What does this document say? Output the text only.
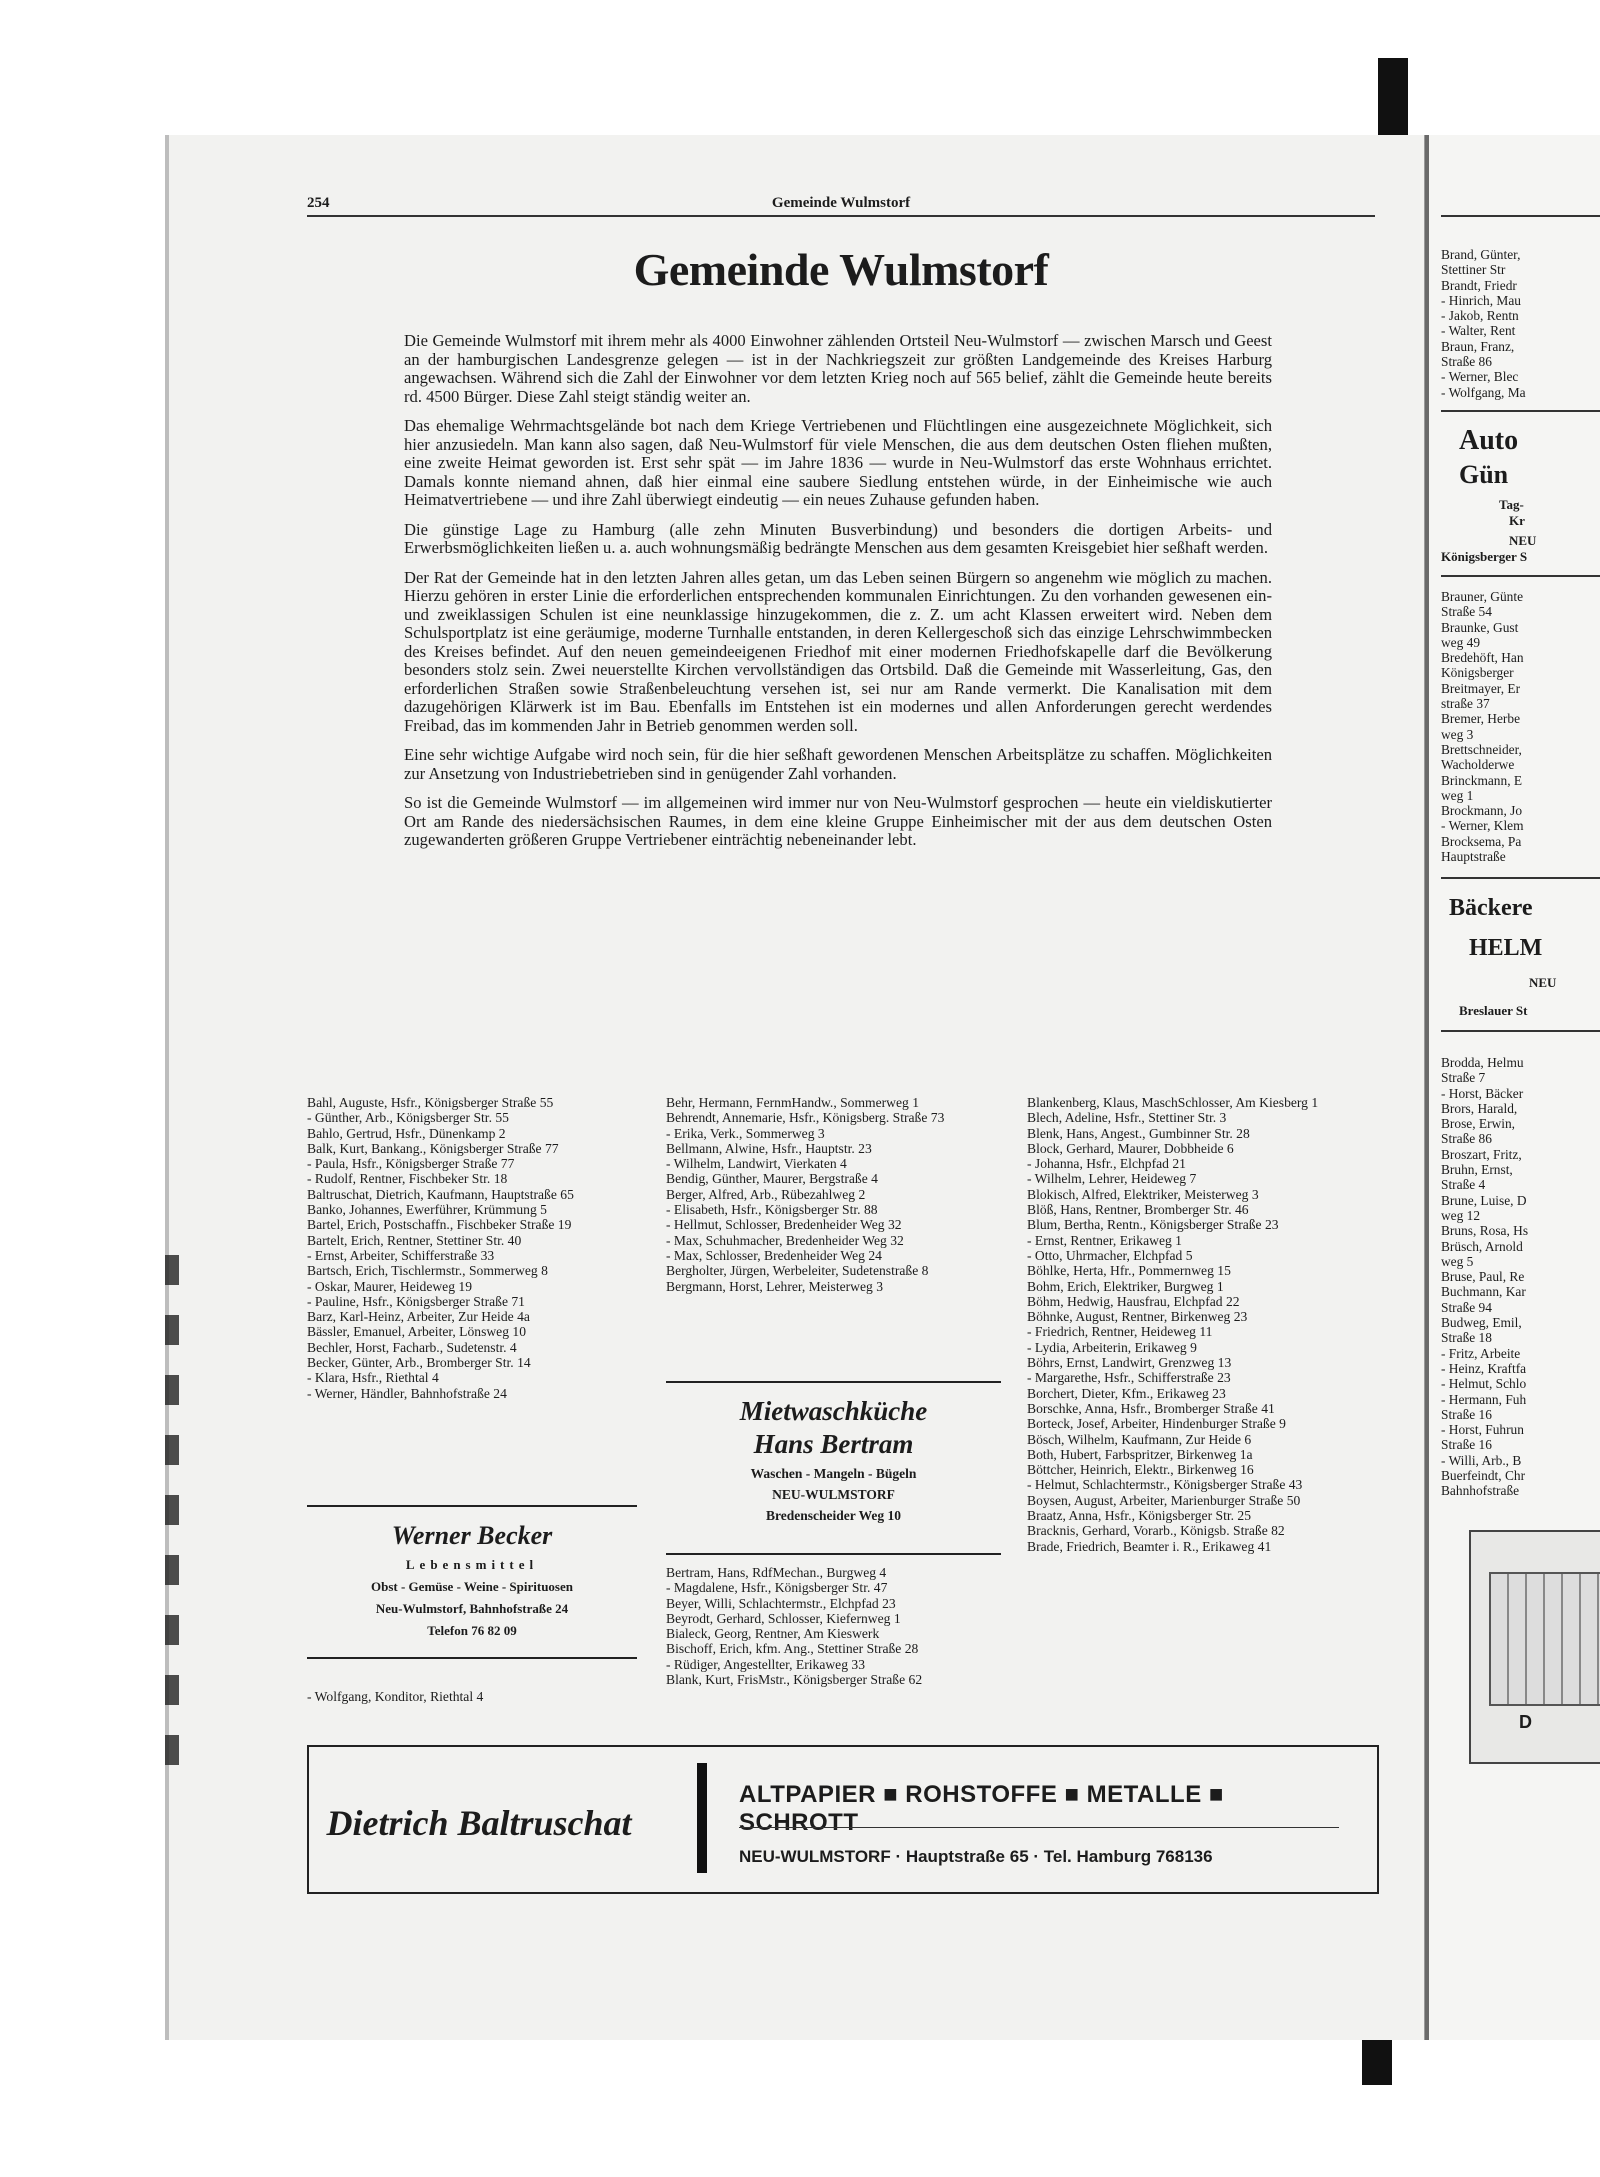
254	Gemeinde Wulmstorf
Gemeinde Wulmstorf

Die Gemeinde Wulmstorf mit ihrem mehr als 4000 Einwohner zählenden Ortsteil Neu-Wulmstorf — zwischen Marsch und Geest an der hamburgischen Landesgrenze gelegen — ist in der Nachkriegszeit zur größten Landgemeinde des Kreises Harburg angewachsen. Während sich die Zahl der Einwohner vor dem letzten Krieg noch auf 565 belief, zählt die Gemeinde heute bereits rd. 4500 Bürger. Diese Zahl steigt ständig weiter an.

Das ehemalige Wehrmachtsgelände bot nach dem Kriege Vertriebenen und Flüchtlingen eine ausgezeichnete Möglichkeit, sich hier anzusiedeln. Man kann also sagen, daß Neu-Wulmstorf für viele Menschen, die aus dem deutschen Osten fliehen mußten, eine zweite Heimat geworden ist. Erst sehr spät — im Jahre 1836 — wurde in Neu-Wulmstorf das erste Wohnhaus errichtet. Damals konnte niemand ahnen, daß hier einmal eine saubere Siedlung entstehen würde, in der Einheimische wie auch Heimatvertriebene — und ihre Zahl überwiegt eindeutig — ein neues Zuhause gefunden haben.

Die günstige Lage zu Hamburg (alle zehn Minuten Busverbindung) und besonders die dortigen Arbeits- und Erwerbsmöglichkeiten ließen u. a. auch wohnungsmäßig bedrängte Menschen aus dem gesamten Kreisgebiet hier seßhaft werden.

Der Rat der Gemeinde hat in den letzten Jahren alles getan, um das Leben seinen Bürgern so angenehm wie möglich zu machen. Hierzu gehören in erster Linie die erforderlichen entsprechenden kommunalen Einrichtungen. Zu den vorhanden gewesenen ein- und zweiklassigen Schulen ist eine neunklassige hinzugekommen, die z. Z. um acht Klassen erweitert wird. Neben dem Schulsportplatz ist eine geräumige, moderne Turnhalle entstanden, in deren Kellergeschoß sich das einzige Lehrschwimmbecken des Kreises befindet. Auf den neuen gemeindeeigenen Friedhof mit einer modernen Friedhofskapelle darf die Bevölkerung besonders stolz sein. Zwei neuerstellte Kirchen vervollständigen das Ortsbild. Daß die Gemeinde mit Wasserleitung, Gas, den erforderlichen Straßen sowie Straßenbeleuchtung versehen ist, sei nur am Rande vermerkt. Die Kanalisation mit dem dazugehörigen Klärwerk ist im Bau. Ebenfalls im Entstehen ist ein modernes und allen Anforderungen gerecht werdendes Freibad, das im kommenden Jahr in Betrieb genommen werden soll.

Eine sehr wichtige Aufgabe wird noch sein, für die hier seßhaft gewordenen Menschen Arbeitsplätze zu schaffen. Möglichkeiten zur Ansetzung von Industriebetrieben sind in genügender Zahl vorhanden.

So ist die Gemeinde Wulmstorf — im allgemeinen wird immer nur von Neu-Wulmstorf gesprochen — heute ein vieldiskutierter Ort am Rande des niedersächsischen Raumes, in dem eine kleine Gruppe Einheimischer mit der aus dem deutschen Osten zugewanderten größeren Gruppe Vertriebener einträchtig nebeneinander lebt.

Bahl, Auguste, Hsfr., Königsberger Straße 55
- Günther, Arb., Königsberger Str. 55
Bahlo, Gertrud, Hsfr., Dünenkamp 2
Balk, Kurt, Bankang., Königsberger Straße 77
- Paula, Hsfr., Königsberger Straße 77
- Rudolf, Rentner, Fischbeker Str. 18
Baltruschat, Dietrich, Kaufmann, Hauptstraße 65
Banko, Johannes, Ewerführer, Krümmung 5
Bartel, Erich, Postschaffn., Fischbeker Straße 19
Bartelt, Erich, Rentner, Stettiner Str. 40
- Ernst, Arbeiter, Schifferstraße 33
Bartsch, Erich, Tischlermstr., Sommerweg 8
- Oskar, Maurer, Heideweg 19
- Pauline, Hsfr., Königsberger Straße 71
Barz, Karl-Heinz, Arbeiter, Zur Heide 4a
Bässler, Emanuel, Arbeiter, Lönsweg 10
Bechler, Horst, Facharb., Sudetenstr. 4
Becker, Günter, Arb., Bromberger Str. 14
- Klara, Hsfr., Riethtal 4
- Werner, Händler, Bahnhofstraße 24
Werner Becker
Lebensmittel
Obst - Gemüse - Weine - Spirituosen
Neu-Wulmstorf, Bahnhofstraße 24
Telefon 76 82 09
- Wolfgang, Konditor, Riethtal 4
Behr, Hermann, FernmHandw., Sommerweg 1
Behrendt, Annemarie, Hsfr., Königsberg. Straße 73
- Erika, Verk., Sommerweg 3
Bellmann, Alwine, Hsfr., Hauptstr. 23
- Wilhelm, Landwirt, Vierkaten 4
Bendig, Günther, Maurer, Bergstraße 4
Berger, Alfred, Arb., Rübezahlweg 2
- Elisabeth, Hsfr., Königsberger Str. 88
- Hellmut, Schlosser, Bredenheider Weg 32
- Max, Schuhmacher, Bredenheider Weg 32
- Max, Schlosser, Bredenheider Weg 24
Bergholter, Jürgen, Werbeleiter, Sudetenstraße 8
Bergmann, Horst, Lehrer, Meisterweg 3
Mietwaschküche
Hans Bertram
Waschen - Mangeln - Bügeln
NEU-WULMSTORF
Bredenscheider Weg 10
Bertram, Hans, RdfMechan., Burgweg 4
- Magdalene, Hsfr., Königsberger Str. 47
Beyer, Willi, Schlachtermstr., Elchpfad 23
Beyrodt, Gerhard, Schlosser, Kiefernweg 1
Bialeck, Georg, Rentner, Am Kieswerk
Bischoff, Erich, kfm. Ang., Stettiner Straße 28
- Rüdiger, Angestellter, Erikaweg 33
Blank, Kurt, FrisMstr., Königsberger Straße 62
Blankenberg, Klaus, MaschSchlosser, Am Kiesberg 1
Blech, Adeline, Hsfr., Stettiner Str. 3
Blenk, Hans, Angest., Gumbinner Str. 28
Block, Gerhard, Maurer, Dobbheide 6
- Johanna, Hsfr., Elchpfad 21
- Wilhelm, Lehrer, Heideweg 7
Blokisch, Alfred, Elektriker, Meisterweg 3
Blöß, Hans, Rentner, Bromberger Str. 46
Blum, Bertha, Rentn., Königsberger Straße 23
- Ernst, Rentner, Erikaweg 1
- Otto, Uhrmacher, Elchpfad 5
Böhlke, Herta, Hfr., Pommernweg 15
Bohm, Erich, Elektriker, Burgweg 1
Böhm, Hedwig, Hausfrau, Elchpfad 22
Böhnke, August, Rentner, Birkenweg 23
- Friedrich, Rentner, Heideweg 11
- Lydia, Arbeiterin, Erikaweg 9
Böhrs, Ernst, Landwirt, Grenzweg 13
- Margarethe, Hsfr., Schifferstraße 23
Borchert, Dieter, Kfm., Erikaweg 23
Borschke, Anna, Hsfr., Bromberger Straße 41
Borteck, Josef, Arbeiter, Hindenburger Straße 9
Bösch, Wilhelm, Kaufmann, Zur Heide 6
Both, Hubert, Farbspritzer, Birkenweg 1a
Böttcher, Heinrich, Elektr., Birkenweg 16
- Helmut, Schlachtermstr., Königsberger Straße 43
Boysen, August, Arbeiter, Marienburger Straße 50
Braatz, Anna, Hsfr., Königsberger Str. 25
Bracknis, Gerhard, Vorarb., Königsb. Straße 82
Brade, Friedrich, Beamter i. R., Erikaweg 41
Dietrich Baltruschat
ALTPAPIER ■ ROHSTOFFE ■ METALLE ■ SCHROTT
NEU-WULMSTORF · Hauptstraße 65 · Tel. Hamburg 768136
Brand, Günter,
Stettiner Str
Brandt, Friedr
- Hinrich, Mau
- Jakob, Rentn
- Walter, Rent
Braun, Franz,
Straße 86
- Werner, Blec
- Wolfgang, Ma
Auto
Gün
Tag-
Kr
NEU
Königsberger S
Brauner, Günte
Straße 54
Braunke, Gust
weg 49
Bredehöft, Han
Königsberger
Breitmayer, Er
straße 37
Bremer, Herbe
weg 3
Brettschneider,
Wacholderwe
Brinckmann, E
weg 1
Brockmann, Jo
- Werner, Klem
Brocksema, Pa
Hauptstraße
Bäckere
HELM
NEU
Breslauer St
Brodda, Helmu
Straße 7
- Horst, Bäcker
Brors, Harald,
Brose, Erwin,
Straße 86
Broszart, Fritz,
Bruhn, Ernst,
Straße 4
Brune, Luise, D
weg 12
Bruns, Rosa, Hs
Brüsch, Arnold
weg 5
Bruse, Paul, Re
Buchmann, Kar
Straße 94
Budweg, Emil,
Straße 18
- Fritz, Arbeite
- Heinz, Kraftfa
- Helmut, Schlo
- Hermann, Fuh
Straße 16
- Horst, Fuhrun
Straße 16
- Willi, Arb., B
Buerfeindt, Chr
Bahnhofstraße
D
